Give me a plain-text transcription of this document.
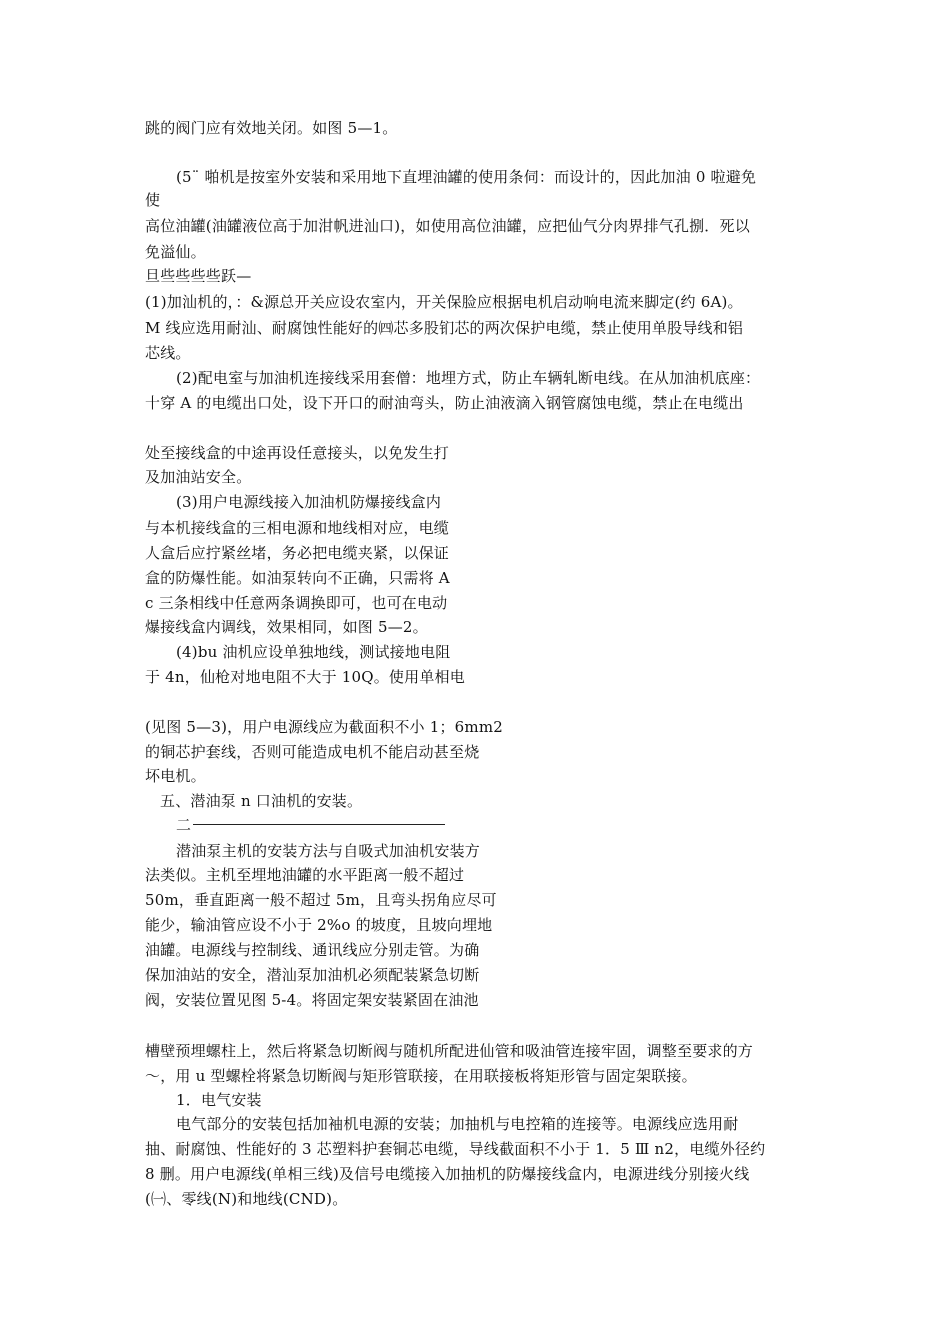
跳的阀门应有效地关闭。如图 5—1。
(5¨ 啪机是按室外安装和采用地下直埋油罐的使用条伺：而设计的，因此加油 0 啦避免
使
高位油罐(油罐液位高于加泔帆进汕口)，如使用高位油罐，应把仙气分肉界排气孔捌．死以
免溢仙。
旦些些些些跃—
(1)加汕机的，：&源总开关应设农室内，开关保脸应根据电机启动响电流来脚定(约 6A)。
M 线应选用耐汕、耐腐蚀性能好的㈣芯多股钔芯的两次保护电缆，禁止使用单股导线和铝
芯线。
(2)配电室与加油机连接线采用套僧：地埋方式，防止车辆轧断电线。在从加油机底座：
十穿 A 的电缆出口处，设下开口的耐油弯头，防止油液滴入钢管腐蚀电缆，禁止在电缆出
处至接线盒的中途再设任意接头，以免发生打
及加油站安全。
(3)用户电源线接入加油机防爆接线盒内
与本机接线盒的三相电源和地线相对应，电缆
人盒后应拧紧丝堵，务必把电缆夹紧，以保证
盒的防爆性能。如油泵转向不正确，只需将 A
c 三条相线中任意两条调换即可，也可在电动
爆接线盒内调线，效果相同，如图 5—2。
(4)bu 油机应设单独地线，测试接地电阻
于 4n，仙枪对地电阻不大于 10Q。使用单相电
(见图 5—3)，用户电源线应为截面积不小 1；6mm2
的铜芯护套线，否则可能造成电机不能启动甚至烧
坏电机。
五、潜油泵 n 口油机的安装。
二
潜油泵主机的安装方法与自吸式加油机安装方
法类似。主机至埋地油罐的水平距离一般不超过
50m，垂直距离一般不超过 5m，且弯头拐角应尽可
能少，输油管应设不小于 2%o 的坡度，且坡向埋地
油罐。电源线与控制线、通讯线应分别走管。为确
保加油站的安全，潜汕泵加油机必须配装紧急切断
阀，安装位置见图 5-4。将固定架安装紧固在油池
槽壁预埋螺柱上，然后将紧急切断阀与随机所配进仙管和吸油管连接牢固，调整至要求的方
～，用 u 型螺栓将紧急切断阀与矩形管联接，在用联接板将矩形管与固定架联接。
1．电气安装
电气部分的安装包括加袖机电源的安装；加抽机与电控箱的连接等。电源线应选用耐
抽、耐腐蚀、性能好的 3 芯塑料护套铜芯电缆，导线截面积不小于 1．5 Ⅲ n2，电缆外径约
8 删。用户电源线(单相三线)及信号电缆接入加抽机的防爆接线盒内，电源进线分别接火线
(㈠、零线(N)和地线(CND)。
